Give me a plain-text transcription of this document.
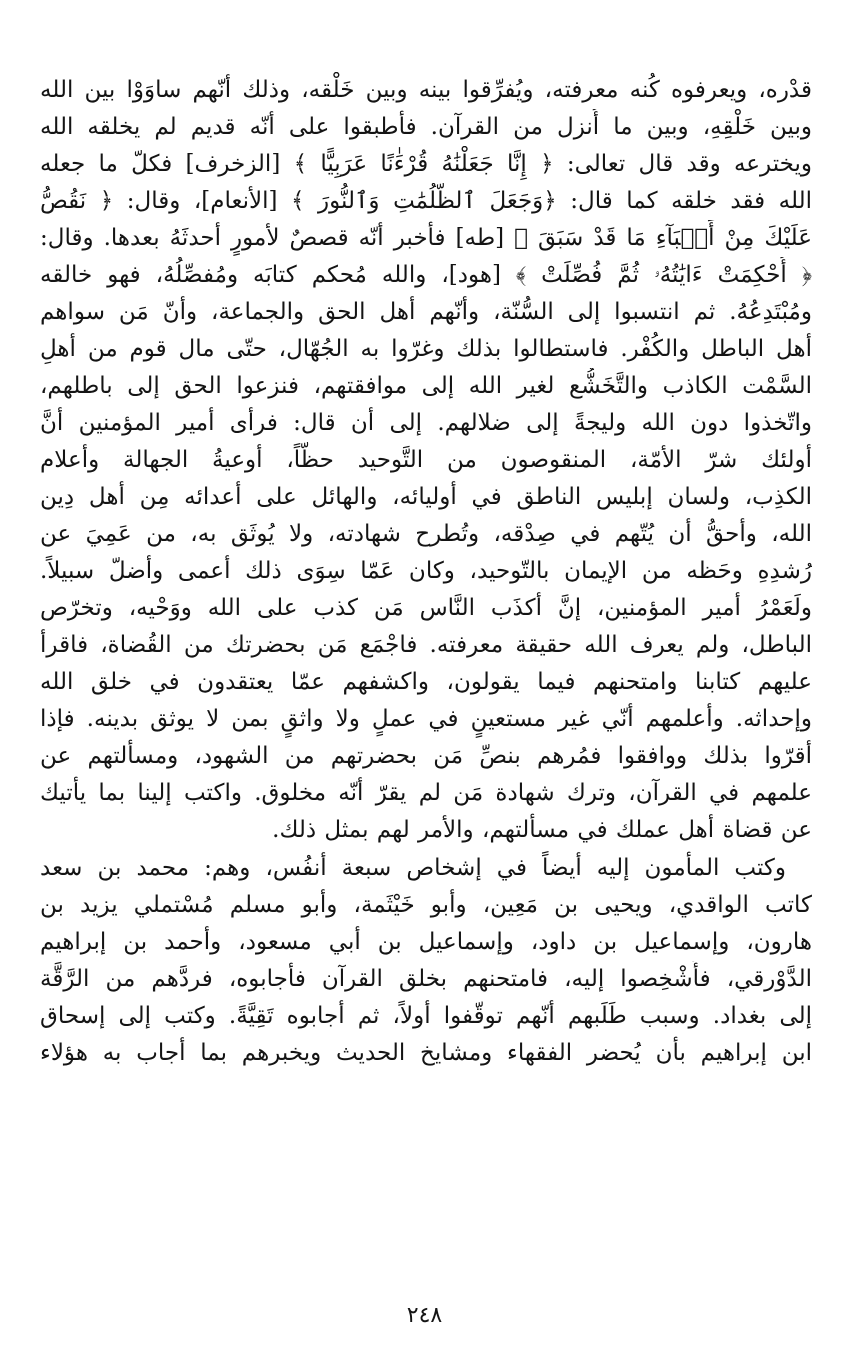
قدْره، ويعرفوه كُنه معرفته، ويُفرِّقوا بينه وبين خَلْقه، وذلك أنّهم ساوَوْا بين الله
وبين خَلْقِهِ، وبين ما أُنزل من القرآن. فأطبقوا على أنّه قديم لم يخلقه الله
ويخترعه وقد قال تعالى: ﴿ إِنَّا جَعَلْنَٰهُ قُرْءَٰنًا عَرَبِيًّا ﴾ [الزخرف] فكلّ ما جعله
الله فقد خلقه كما قال: ﴿وَجَعَلَ ٱلظُّلُمَٰتِ وَٱلنُّورَ ﴾ [الأنعام]، وقال: ﴿ نَقُصُّ
عَلَيْكَ مِنْ أَنۢبَآءِ مَا قَدْ سَبَقَ ﴾ [طه] فأخبر أنّه قصصٌ لأمورٍ أحدثَهُ بعدها. وقال:
﴿ أُحْكِمَتْ ءَايَٰتُهُۥ ثُمَّ فُصِّلَتْ ﴾ [هود]، والله مُحكم كتابَه ومُفصِّلُهُ، فهو خالقه
ومُبْتَدِعُهُ. ثم انتسبوا إلى السُّنّة، وأنّهم أهل الحق والجماعة، وأنّ مَن سواهم
أهل الباطل والكُفْر. فاستطالوا بذلك وغرّوا به الجُهّال، حتّى مال قوم من أهلِ
السَّمْت الكاذب والتَّخَشُّع لغير الله إلى موافقتهم، فنزعوا الحق إلى باطلهم،
واتّخذوا دون الله وليجةً إلى ضلالهم. إلى أن قال: فرأى أمير المؤمنين أنَّ
أولئك شرّ الأمّة، المنقوصون من التَّوحيد حظّاً، أوعيةُ الجهالة وأعلام
الكذِب، ولسان إبليس الناطق في أوليائه، والهائل على أعدائه مِن أهل دِين
الله، وأحقُّ أن يُتّهم في صِدْقه، وتُطرح شهادته، ولا يُوثَق به، من عَمِيَ عن
رُشدِهِ وحَظه من الإيمان بالتّوحيد، وكان عَمّا سِوَى ذلك أعمى وأضلّ سبيلاً.
ولَعَمْرُ أمير المؤمنين، إنَّ أكذَب النَّاس مَن كذب على الله ووَحْيه، وتخرّص
الباطل، ولم يعرف الله حقيقة معرفته. فاجْمَع مَن بحضرتك من القُضاة، فاقرأ
عليهم كتابنا وامتحنهم فيما يقولون، واكشفهم عمّا يعتقدون في خلق الله
وإحداثه. وأعلمهم أنّي غير مستعينٍ في عملٍ ولا واثقٍ بمن لا يوثق بدينه. فإذا
أقرّوا بذلك ووافقوا فمُرهم بنصِّ مَن بحضرتهم من الشهود، ومسألتهم عن
علمهم في القرآن، وترك شهادة مَن لم يقرّ أنّه مخلوق. واكتب إلينا بما يأتيك
عن قضاة أهل عملك في مسألتهم، والأمر لهم بمثل ذلك.
وكتب المأمون إليه أيضاً في إشخاص سبعة أنفُس، وهم: محمد بن سعد
كاتب الواقدي، ويحيى بن مَعِين، وأبو خَيْثَمة، وأبو مسلم مُسْتملي يزيد بن
هارون، وإسماعيل بن داود، وإسماعيل بن أبي مسعود، وأحمد بن إبراهيم
الدَّوْرقي، فأُشْخِصوا إليه، فامتحنهم بخلق القرآن فأجابوه، فردَّهم من الرَّقَّة
إلى بغداد. وسبب طَلَبهم أنّهم توقّفوا أولاً، ثم أجابوه تَقِيَّةً. وكتب إلى إسحاق
ابن إبراهيم بأن يُحضر الفقهاء ومشايخ الحديث ويخبرهم بما أجاب به هؤلاء
٢٤٨
